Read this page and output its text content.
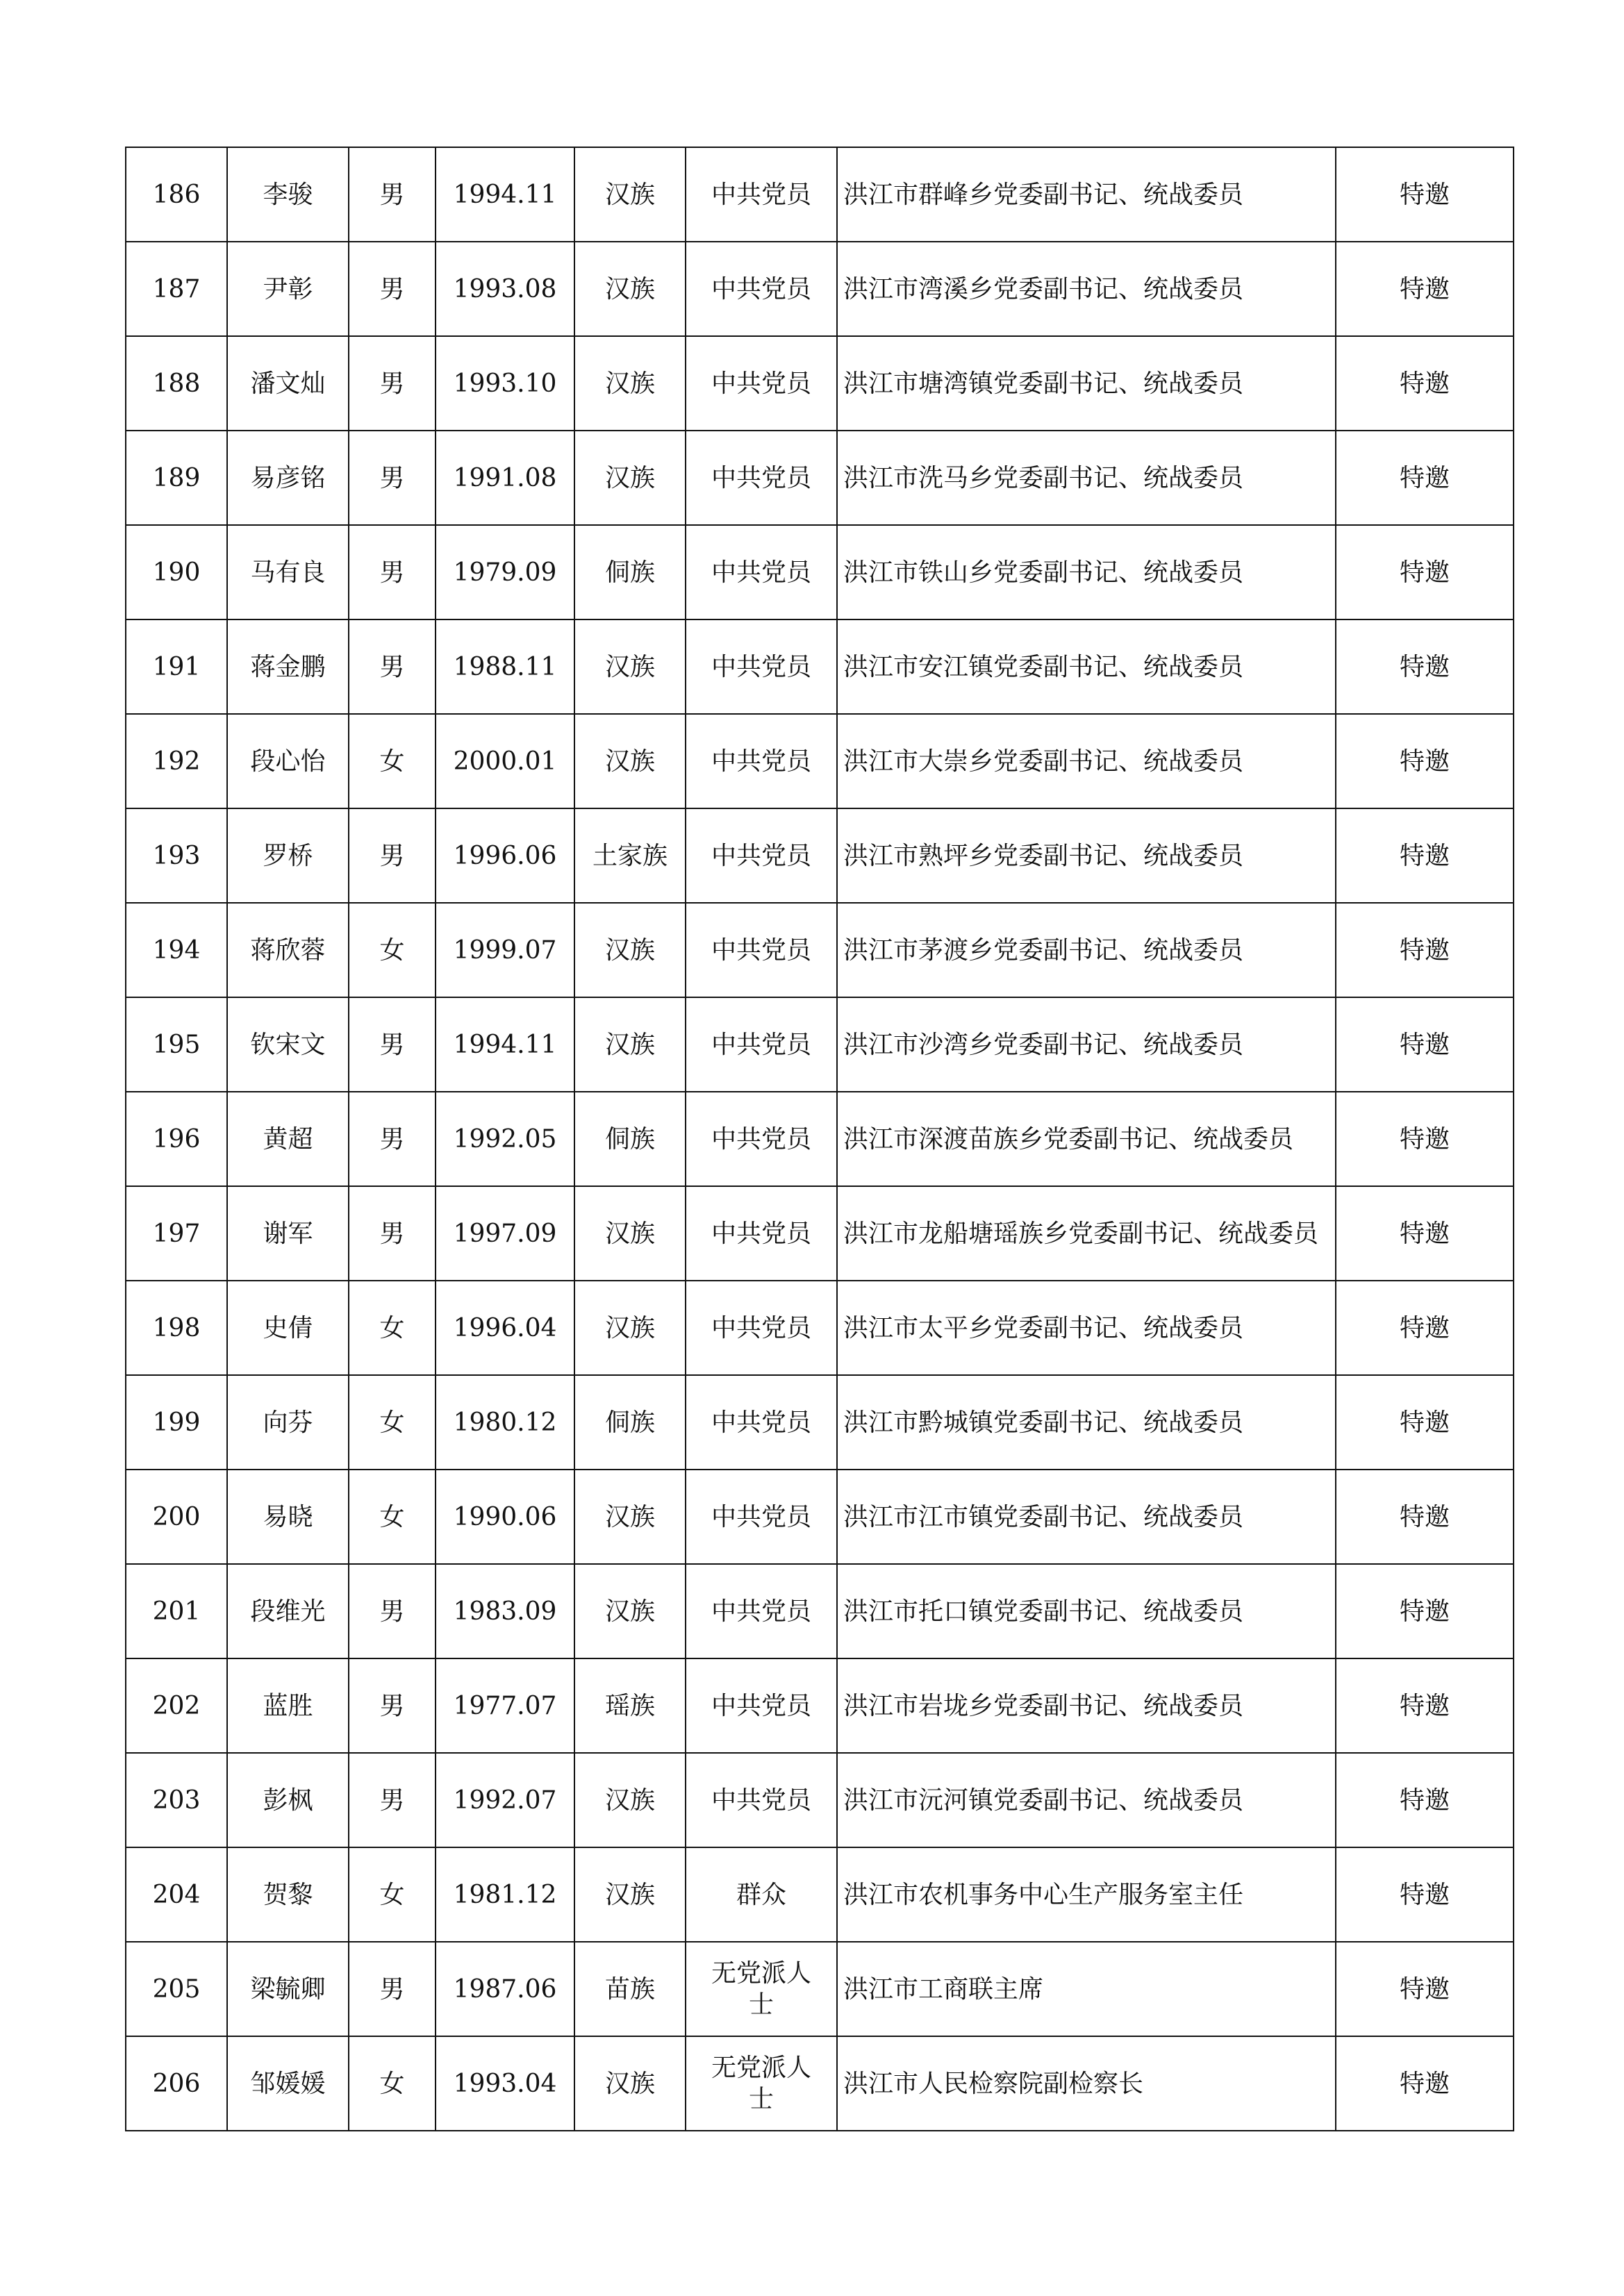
186	李骏	男	1994.11	汉族	中共党员	洪江市群峰乡党委副书记、统战委员	特邀
187	尹彰	男	1993.08	汉族	中共党员	洪江市湾溪乡党委副书记、统战委员	特邀
188	潘文灿	男	1993.10	汉族	中共党员	洪江市塘湾镇党委副书记、统战委员	特邀
189	易彦铭	男	1991.08	汉族	中共党员	洪江市洗马乡党委副书记、统战委员	特邀
190	马有良	男	1979.09	侗族	中共党员	洪江市铁山乡党委副书记、统战委员	特邀
191	蒋金鹏	男	1988.11	汉族	中共党员	洪江市安江镇党委副书记、统战委员	特邀
192	段心怡	女	2000.01	汉族	中共党员	洪江市大崇乡党委副书记、统战委员	特邀
193	罗桥	男	1996.06	土家族	中共党员	洪江市熟坪乡党委副书记、统战委员	特邀
194	蒋欣蓉	女	1999.07	汉族	中共党员	洪江市茅渡乡党委副书记、统战委员	特邀
195	钦宋文	男	1994.11	汉族	中共党员	洪江市沙湾乡党委副书记、统战委员	特邀
196	黄超	男	1992.05	侗族	中共党员	洪江市深渡苗族乡党委副书记、统战委员	特邀
197	谢军	男	1997.09	汉族	中共党员	洪江市龙船塘瑶族乡党委副书记、统战委员	特邀
198	史倩	女	1996.04	汉族	中共党员	洪江市太平乡党委副书记、统战委员	特邀
199	向芬	女	1980.12	侗族	中共党员	洪江市黔城镇党委副书记、统战委员	特邀
200	易晓	女	1990.06	汉族	中共党员	洪江市江市镇党委副书记、统战委员	特邀
201	段维光	男	1983.09	汉族	中共党员	洪江市托口镇党委副书记、统战委员	特邀
202	蓝胜	男	1977.07	瑶族	中共党员	洪江市岩垅乡党委副书记、统战委员	特邀
203	彭枫	男	1992.07	汉族	中共党员	洪江市沅河镇党委副书记、统战委员	特邀
204	贺黎	女	1981.12	汉族	群众	洪江市农机事务中心生产服务室主任	特邀
205	梁毓卿	男	1987.06	苗族	无党派人士	洪江市工商联主席	特邀
206	邹媛媛	女	1993.04	汉族	无党派人士	洪江市人民检察院副检察长	特邀
